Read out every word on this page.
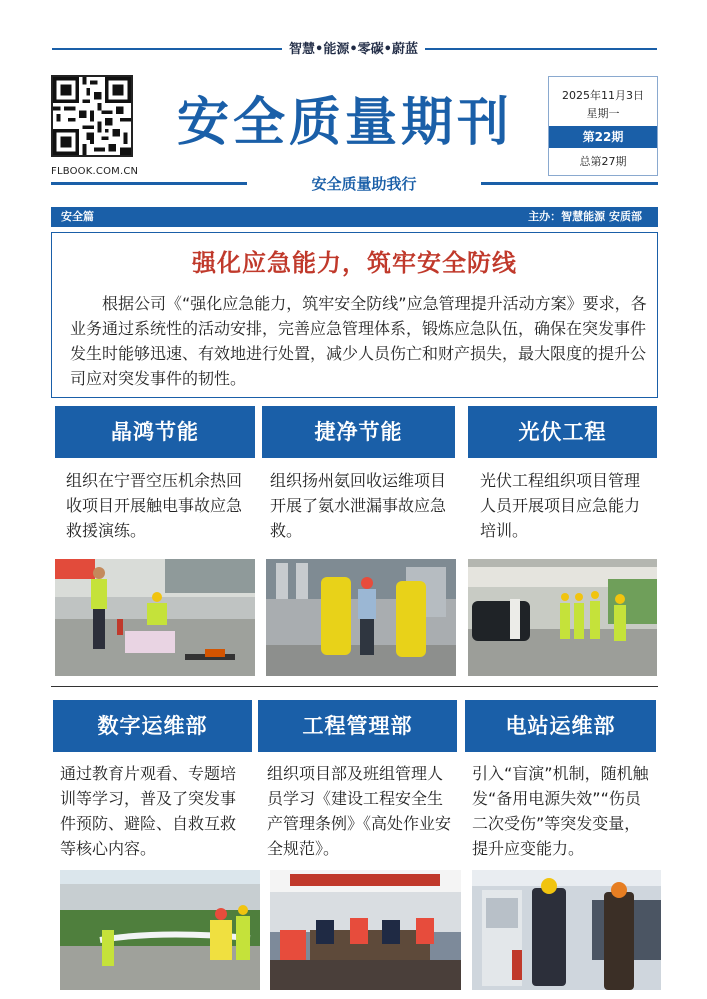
智慧•能源•零碳•蔚蓝
FLBOOK.COM.CN
安全质量期刊	2025年11月3日
星期一
第22期
总第27期
安全质量助我行
安全篇	主办：智慧能源 安质部
强化应急能力，筑牢安全防线
根据公司《“强化应急能力，筑牢安全防线”应急管理提升活动方案》要求，各业务通过系统性的活动安排，完善应急管理体系，锻炼应急队伍，确保在突发事件发生时能够迅速、有效地进行处置，减少人员伤亡和财产损失，最大限度的提升公司应对突发事件的韧性。
晶鸿节能	捷净节能	光伏工程
组织在宁晋空压机余热回收项目开展触电事故应急救援演练。
组织扬州氨回收运维项目开展了氨水泄漏事故应急救。
光伏工程组织项目管理人员开展项目应急能力培训。
数字运维部	工程管理部	电站运维部
通过教育片观看、专题培训等学习，普及了突发事件预防、避险、自救互救等核心内容。
组织项目部及班组管理人员学习《建设工程安全生产管理条例》《高处作业安全规范》。
引入“盲演”机制，随机触发“备用电源失效”“伤员二次受伤”等突发变量，提升应变能力。
